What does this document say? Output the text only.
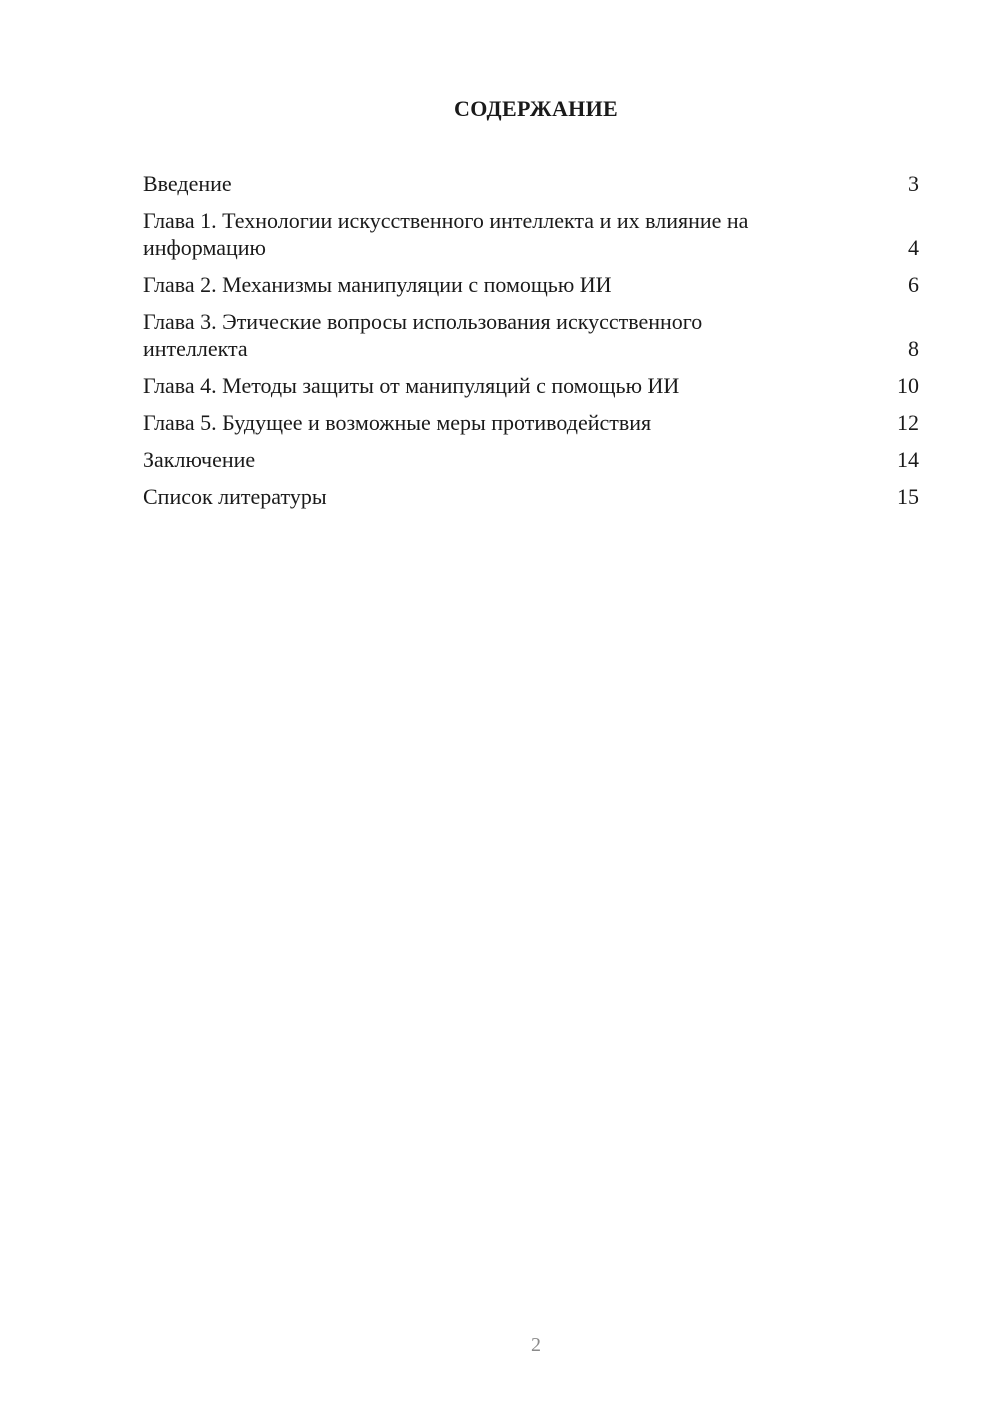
СОДЕРЖАНИЕ
Введение	3
Глава 1. Технологии искусственного интеллекта и их влияние на информацию	4
Глава 2. Механизмы манипуляции с помощью ИИ	6
Глава 3. Этические вопросы использования искусственного интеллекта	8
Глава 4. Методы защиты от манипуляций с помощью ИИ	10
Глава 5. Будущее и возможные меры противодействия	12
Заключение	14
Список литературы	15
2
